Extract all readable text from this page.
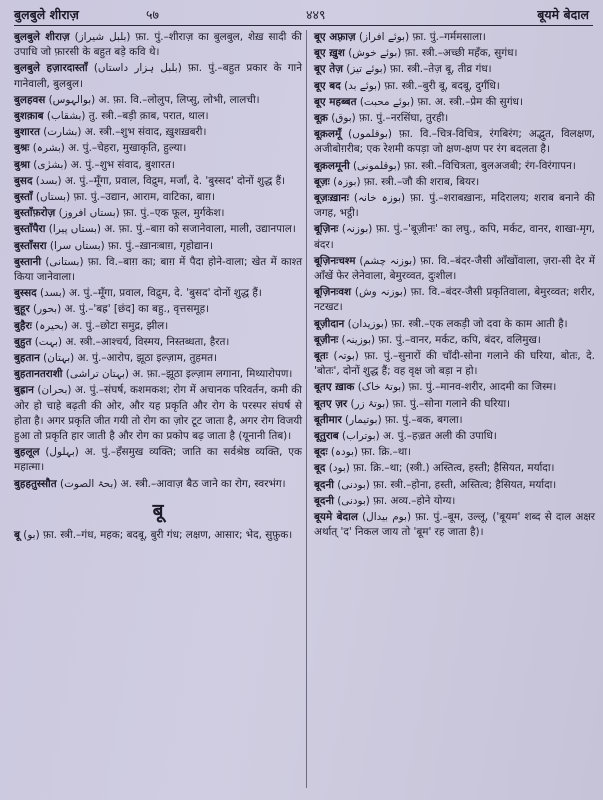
बुलबुले शीराज़	५७	४४९	बूयमे बेदाल
बुलबुले शीराज़ (بلبل شیراز) फ़ा. पुं.–शीराज़ का बुलबुल, शेख़ सादी की उपाधि जो फ़ारसी के बहुत बड़े कवि थे।
बुलबुले हज़ारदास्ताँ (بلبل ہزار داستاں) फ़ा. पुं.–बहुत प्रकार के गाने गानेवाली, बुलबुल।
बुलहवस (بوالہوس) अ. फ़ा. वि.–लोलुप, लिप्सु, लोभी, लालची।
बुशक़ाब (بشقاب) तु. स्त्री.–बड़ी क़ाब, परात, थाल।
बुशारत (بشارت) अ. स्त्री.–शुभ संवाद, ख़ुशख़बरी।
बुश्रः (بشرہ) अ. पुं.–चेहरा, मुखाकृति, हुल्या।
बुश्रा (بشرٰی) अ. पुं.–शुभ संवाद, बुशारत।
बुसद (بسد) अ. पुं.–मूँगा, प्रवाल, विद्रुम, मर्जां, दे. 'बुस्सद' दोनों शुद्ध हैं।
बुस्ताँ (بستاں) फ़ा. पुं.–उद्यान, आराम, वाटिका, बाग़।
बुस्ताँफ़रोज़ (بستاں افروز) फ़ा. पुं.–एक फूल, मुर्गकेश।
बुस्ताँपैरा (بستاں پیرا) अ. फ़ा. पुं.–बाग़ को सजानेवाला, माली, उद्यानपाल।
बुस्ताँसरा (بستاں سرا) फ़ा. पुं.–ख़ानःबाग़, गृहोद्यान।
बुस्तानी (بستانی) फ़ा. वि.–बाग़ का; बाग़ में पैदा होने-वाला; खेत में काश्त किया जानेवाला।
बुस्सद (بسد) अ. पुं.–मूँगा, प्रवाल, विद्रुम, दे. 'बुसद' दोनों शुद्ध हैं।
बुहूर (بحور) अ. पुं.–'बह्र' [छंद] का बहु., वृत्तसमूह।
बुहैरः (بحیرہ) अ. पुं.–छोटा समुद्र, झील।
बुहुत (بہت) अ. स्त्री.–आश्चर्य, विस्मय, निस्तब्धता, हैरत।
बुहतान (بہتان) अ. पुं.–आरोप, झूठा इल्ज़ाम, तुहमत।
बुहतानतराशी (بہتان تراشی) अ. फ़ा.–झूठा इल्ज़ाम लगाना, मिथ्यारोपण।
बुह्रान (بحران) अ. पुं.–संघर्ष, कशमकश; रोग में अचानक परिवर्तन, कमी की ओर हो चाहे बढ़ती की ओर, और यह प्रकृति और रोग के परस्पर संघर्ष से होता है। अगर प्रकृति जीत गयी तो रोग का ज़ोर टूट जाता है, अगर रोग विजयी हुआ तो प्रकृति हार जाती है और रोग का प्रकोप बढ़ जाता है (यूनानी तिब)।
बुहलूल (بہلول) अ. पुं.–हँसमुख व्यक्ति; जाति का सर्वश्रेष्ठ व्यक्ति, एक महात्मा।
बुहहतुस्सौत (بحۃ الصوت) अ. स्त्री.–आवाज़ बैठ जाने का रोग, स्वरभंग।
बू
बू (بو) फ़ा. स्त्री.–गंध, महक; बदबू, बुरी गंध; लक्षण, आसार; भेद, सुफ़ुक।
बूए अफ़्राज़ (بوئے افراز) फ़ा. पुं.–गर्ममसाला।
बूए ख़ुश (بوئے خوش) फ़ा. स्त्री.–अच्छी महँक, सुगंध।
बूए तेज़ (بوئے تیز) फ़ा. स्त्री.–तेज़ बू, तीव्र गंध।
बूए बद (بوئے بد) फ़ा. स्त्री.–बुरी बू, बदबू, दुर्गंधि।
बूए महब्बत (بوئے محبت) फ़ा. अ. स्त्री.–प्रेम की सुगंध।
बूक़ (بوق) फ़ा. पुं.–नरसिंघा, तुरही।
बूक़लमूँ (بوقلموں) फ़ा. वि.–चित्र-विचित्र, रंगबिरंग; अद्भुत, विलक्षण, अजीबोग़रीब; एक रेशमी कपड़ा जो क्षण-क्षण पर रंग बदलता है।
बूक़लमूनी (بوقلمونی) फ़ा. स्त्री.–विचित्रता, बुलअजबी; रंग-विरंगापन।
बूज़ः (بوزہ) फ़ा. स्त्री.–जौ की शराब, बियर।
बूज़ःख़ानः (بوزہ خانہ) फ़ा. पुं.–शराबख़ानः, मदिरालय; शराब बनाने की जगह, भट्ठी।
बूज़िनः (بوزنہ) फ़ा. पुं.–'बूज़ीनः' का लघु., कपि, मर्कट, वानर, शाखा-मृग, बंदर।
बूज़िनःचश्म (بوزنہ چشم) फ़ा. वि.–बंदर-जैसी आँखोंवाला, ज़रा-सी देर में आँखें फेर लेनेवाला, बेमुरव्वत, दुःशील।
बूज़िनःवश (بوزنہ وش) फ़ा. वि.–बंदर-जैसी प्रकृतिवाला, बेमुरव्वत; शरीर, नटखट।
बूज़ीदान (بوزیدان) फ़ा. स्त्री.–एक लकड़ी जो दवा के काम आती है।
बूज़ीनः (بوزینہ) फ़ा. पुं.–वानर, मर्कट, कपि, बंदर, वलिमुख।
बूतः (بوتہ) फ़ा. पुं.–सुनारों की चाँदी-सोना गलाने की घरिया, बोतः, दे. 'बोतः', दोनों शुद्ध हैं; वह वृक्ष जो बड़ा न हो।
बूतए ख़ाक (بوتۂ خاک) फ़ा. पुं.–मानव-शरीर, आदमी का जिस्म।
बूतए ज़र (بوتۂ زر) फ़ा. पुं.–सोना गलाने की घरिया।
बूतीमार (بوتیمار) फ़ा. पुं.–बक, बगला।
बूतुराब (بوتراب) अ. पुं.–हज़्रत अली की उपाधि।
बूदः (بودہ) फ़ा. क्रि.–था।
बूद (بود) फ़ा. क्रि.–था; (स्त्री.) अस्तित्व, हस्ती; हैसियत, मर्यादा।
बूदनी (بودنی) फ़ा. स्त्री.–होना, हस्ती, अस्तित्व; हैसियत, मर्यादा।
बूदनी (بودنی) फ़ा. अव्य.–होने योग्य।
बूयमे बेदाल (بوم بیدال) फ़ा. पुं.–बूम, उल्लू, ('बूयम' शब्द से दाल अक्षर अर्थात् 'द' निकल जाय तो 'बूम' रह जाता है)।
